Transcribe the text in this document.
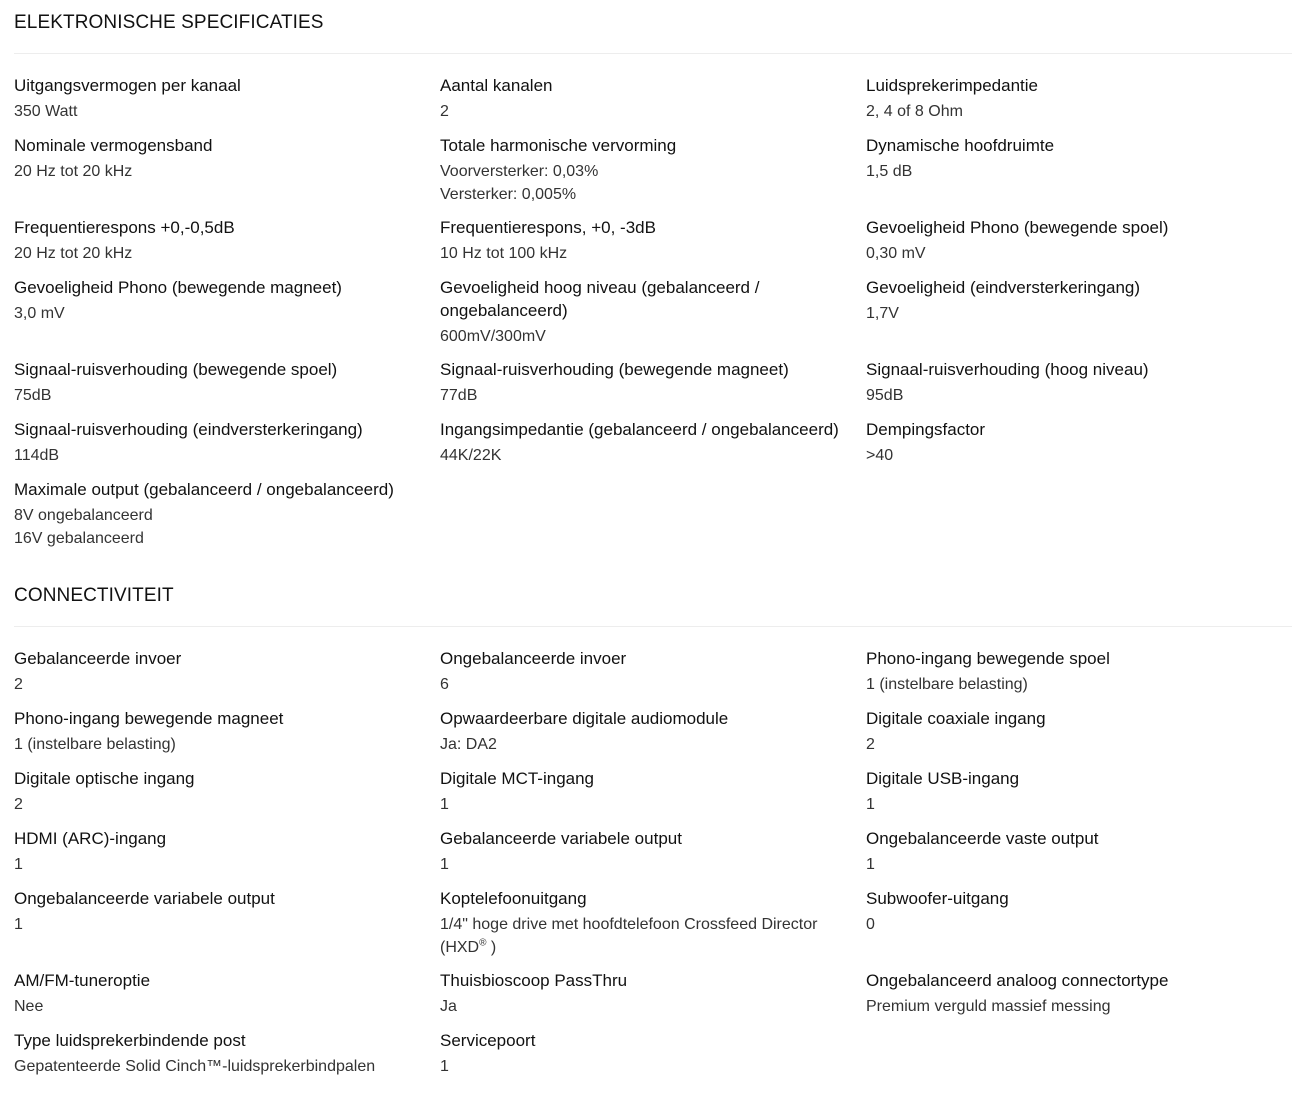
ELEKTRONISCHE SPECIFICATIES
Uitgangsvermogen per kanaal
350 Watt
Aantal kanalen
2
Luidsprekerimpedantie
2, 4 of 8 Ohm
Nominale vermogensband
20 Hz tot 20 kHz
Totale harmonische vervorming
Voorversterker: 0,03%
Versterker: 0,005%
Dynamische hoofdruimte
1,5 dB
Frequentierespons +0,-0,5dB
20 Hz tot 20 kHz
Frequentierespons, +0, -3dB
10 Hz tot 100 kHz
Gevoeligheid Phono (bewegende spoel)
0,30 mV
Gevoeligheid Phono (bewegende magneet)
3,0 mV
Gevoeligheid hoog niveau (gebalanceerd / ongebalanceerd)
600mV/300mV
Gevoeligheid (eindversterkeringang)
1,7V
Signaal-ruisverhouding (bewegende spoel)
75dB
Signaal-ruisverhouding (bewegende magneet)
77dB
Signaal-ruisverhouding (hoog niveau)
95dB
Signaal-ruisverhouding (eindversterkeringang)
114dB
Ingangsimpedantie (gebalanceerd / ongebalanceerd)
44K/22K
Dempingsfactor
>40
Maximale output (gebalanceerd / ongebalanceerd)
8V ongebalanceerd
16V gebalanceerd
CONNECTIVITEIT
Gebalanceerde invoer
2
Ongebalanceerde invoer
6
Phono-ingang bewegende spoel
1 (instelbare belasting)
Phono-ingang bewegende magneet
1 (instelbare belasting)
Opwaardeerbare digitale audiomodule
Ja: DA2
Digitale coaxiale ingang
2
Digitale optische ingang
2
Digitale MCT-ingang
1
Digitale USB-ingang
1
HDMI (ARC)-ingang
1
Gebalanceerde variabele output
1
Ongebalanceerde vaste output
1
Ongebalanceerde variabele output
1
Koptelefoonuitgang
1/4" hoge drive met hoofdtelefoon Crossfeed Director (HXD® )
Subwoofer-uitgang
0
AM/FM-tuneroptie
Nee
Thuisbioscoop PassThru
Ja
Ongebalanceerd analoog connectortype
Premium verguld massief messing
Type luidsprekerbindende post
Gepatenteerde Solid Cinch™-luidsprekerbindpalen
Servicepoort
1
